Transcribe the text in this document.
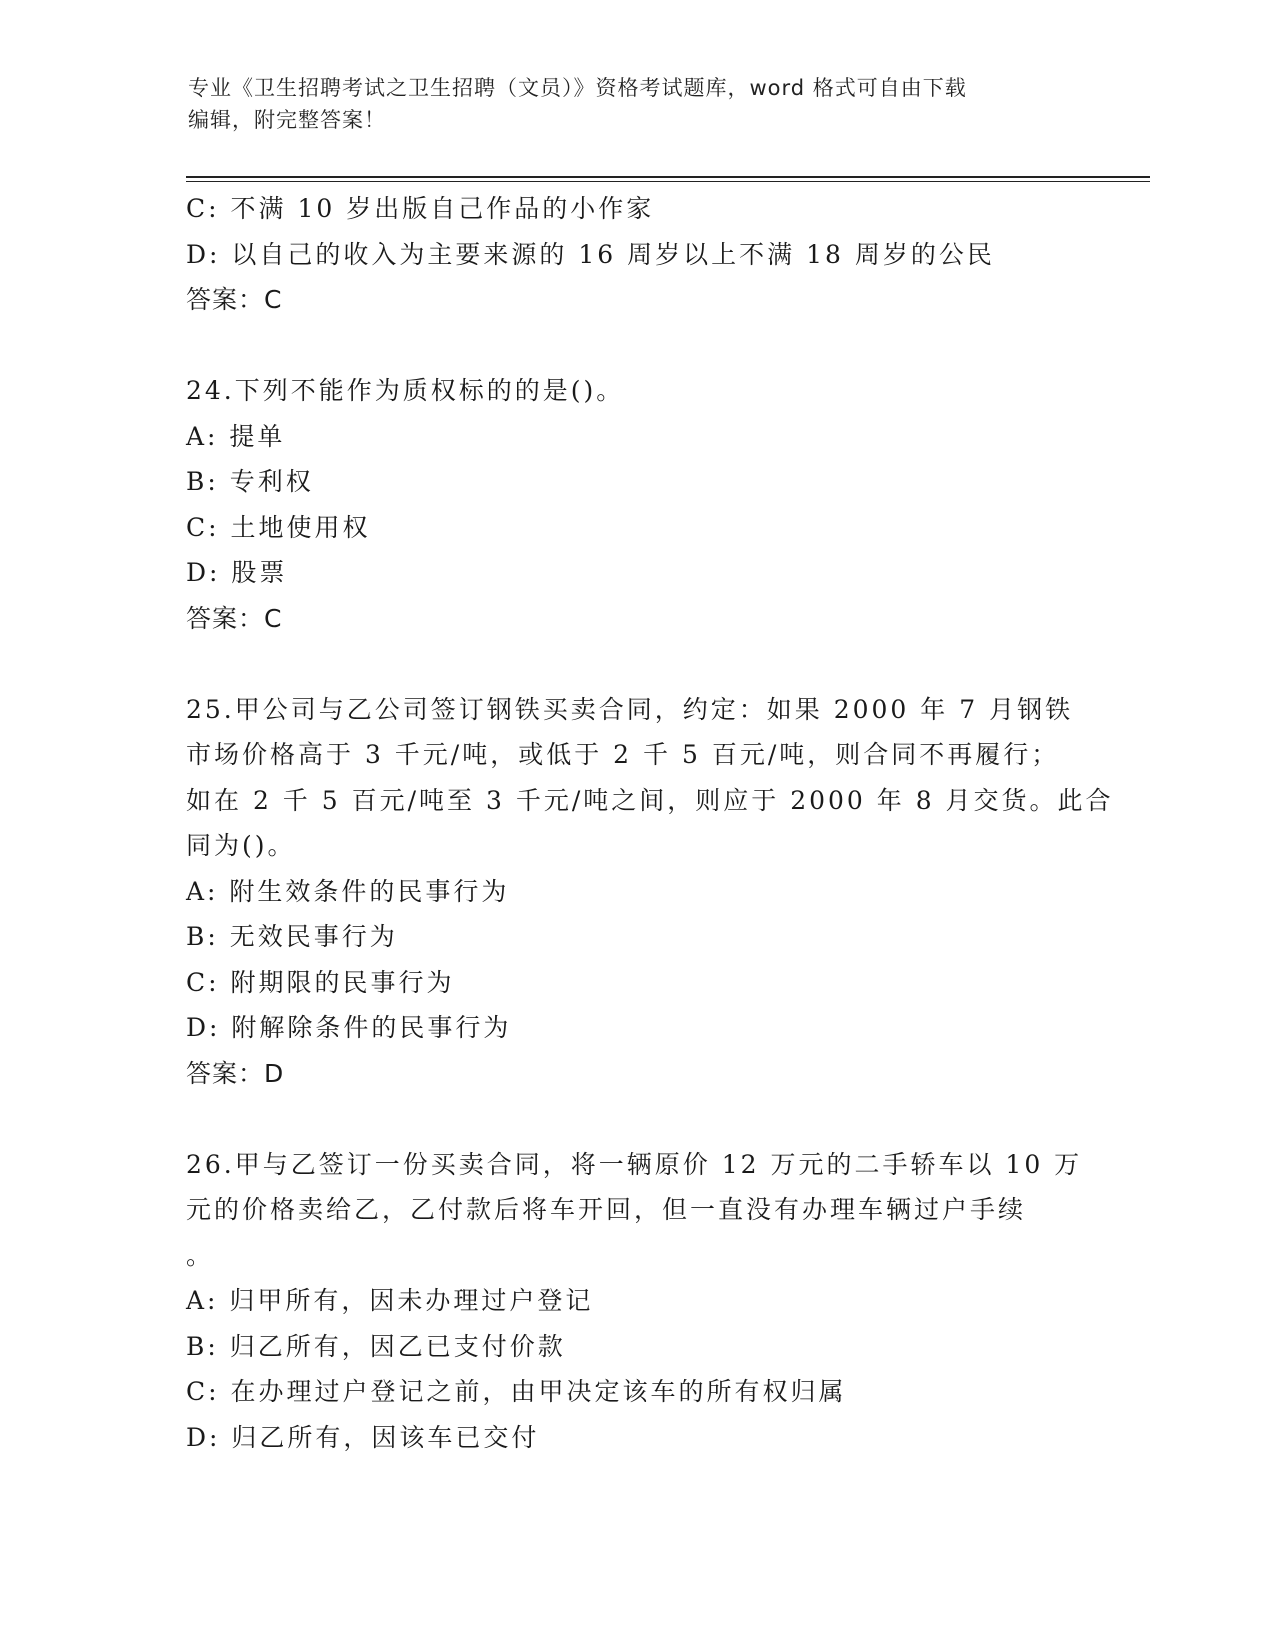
专业《卫生招聘考试之卫生招聘（文员）》资格考试题库，word 格式可自由下载
编辑，附完整答案！
C: 不满 10 岁出版自己作品的小作家
D: 以自己的收入为主要来源的 16 周岁以上不满 18 周岁的公民
答案：C
24.下列不能作为质权标的的是()。
A: 提单
B: 专利权
C: 土地使用权
D: 股票
答案：C
25.甲公司与乙公司签订钢铁买卖合同，约定：如果 2000 年 7 月钢铁
市场价格高于 3 千元/吨，或低于 2 千 5 百元/吨，则合同不再履行；
如在 2 千 5 百元/吨至 3 千元/吨之间，则应于 2000 年 8 月交货。此合
同为()。
A: 附生效条件的民事行为
B: 无效民事行为
C: 附期限的民事行为
D: 附解除条件的民事行为
答案：D
26.甲与乙签订一份买卖合同，将一辆原价 12 万元的二手轿车以 10 万
元的价格卖给乙，乙付款后将车开回，但一直没有办理车辆过户手续
。
A: 归甲所有，因未办理过户登记
B: 归乙所有，因乙已支付价款
C: 在办理过户登记之前，由甲决定该车的所有权归属
D: 归乙所有，因该车已交付
